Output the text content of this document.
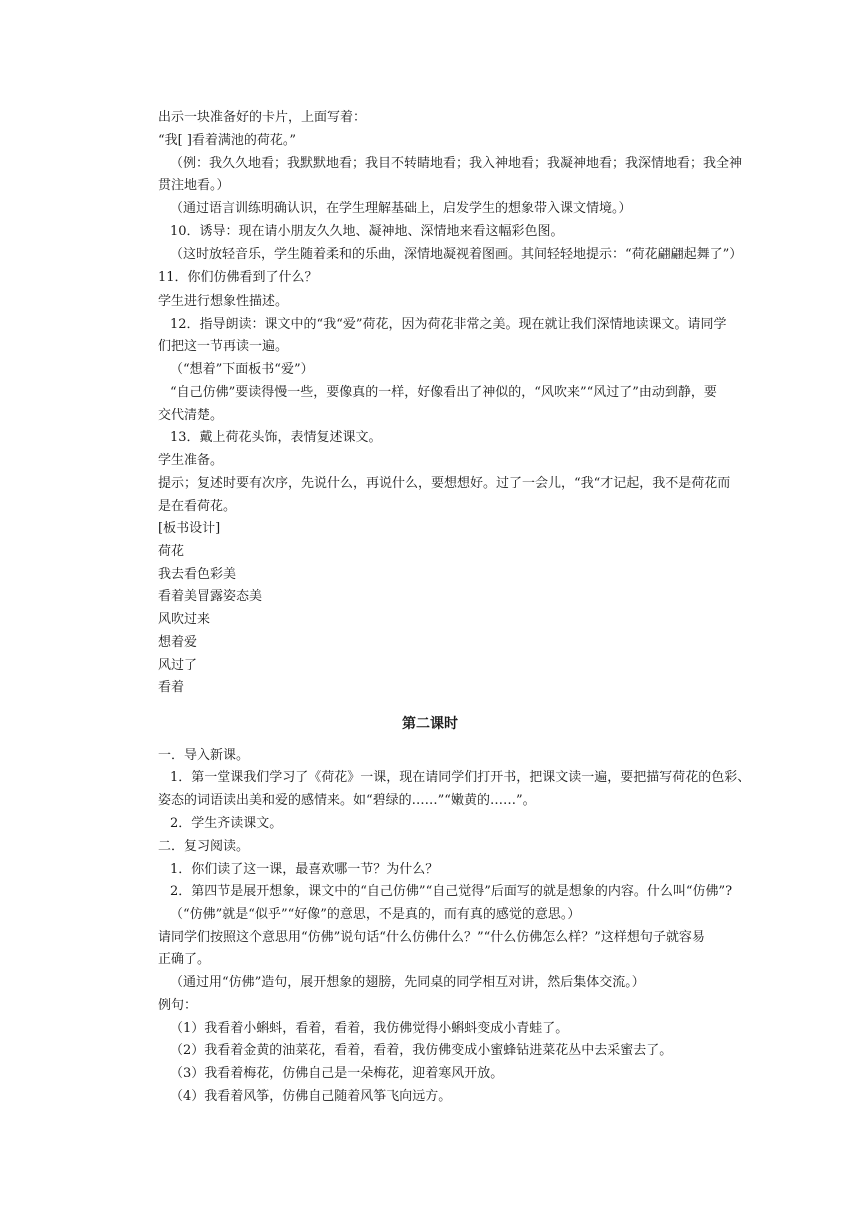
出示一块准备好的卡片，上面写着：
“我[ ]看着满池的荷花。”
（例：我久久地看；我默默地看；我目不转睛地看；我入神地看；我凝神地看；我深情地看；我全神
贯注地看。）
（通过语言训练明确认识，在学生理解基础上，启发学生的想象带入课文情境。）
10．诱导：现在请小朋友久久地、凝神地、深情地来看这幅彩色图。
（这时放轻音乐，学生随着柔和的乐曲，深情地凝视着图画。其间轻轻地提示：“荷花翩翩起舞了”）
11．你们仿佛看到了什么？
学生进行想象性描述。
12．指导朗读：课文中的“我“爱”荷花，因为荷花非常之美。现在就让我们深情地读课文。请同学
们把这一节再读一遍。
（“想着”下面板书“爱”）
“自己仿佛”要读得慢一些，要像真的一样，好像看出了神似的，“风吹来”“风过了”由动到静，要
交代清楚。
13．戴上荷花头饰，表情复述课文。
学生准备。
提示；复述时要有次序，先说什么，再说什么，要想想好。过了一会儿，“我“才记起，我不是荷花而
是在看荷花。
[板书设计]
荷花
我去看色彩美
看着美冒露姿态美
风吹过来
想着爱
风过了
看着
第二课时
一．导入新课。
1．第一堂课我们学习了《荷花》一课，现在请同学们打开书，把课文读一遍，要把描写荷花的色彩、
姿态的词语读出美和爱的感情来。如“碧绿的……”“嫩黄的……”。
2．学生齐读课文。
二．复习阅读。
1．你们读了这一课，最喜欢哪一节？为什么？
2．第四节是展开想象，课文中的“自己仿佛”“自己觉得”后面写的就是想象的内容。什么叫“仿佛”?
（“仿佛”就是“似乎”“好像”的意思，不是真的，而有真的感觉的意思。）
请同学们按照这个意思用“仿佛”说句话“什么仿佛什么？”“什么仿佛怎么样？”这样想句子就容易
正确了。
（通过用“仿佛”造句，展开想象的翅膀，先同桌的同学相互对讲，然后集体交流。）
例句：
（1）我看着小蝌蚪，看着，看着，我仿佛觉得小蝌蚪变成小青蛙了。
（2）我看着金黄的油菜花，看着，看着，我仿佛变成小蜜蜂钻进菜花丛中去采蜜去了。
（3）我看着梅花，仿佛自己是一朵梅花，迎着寒风开放。
（4）我看着风筝，仿佛自己随着风筝飞向远方。
